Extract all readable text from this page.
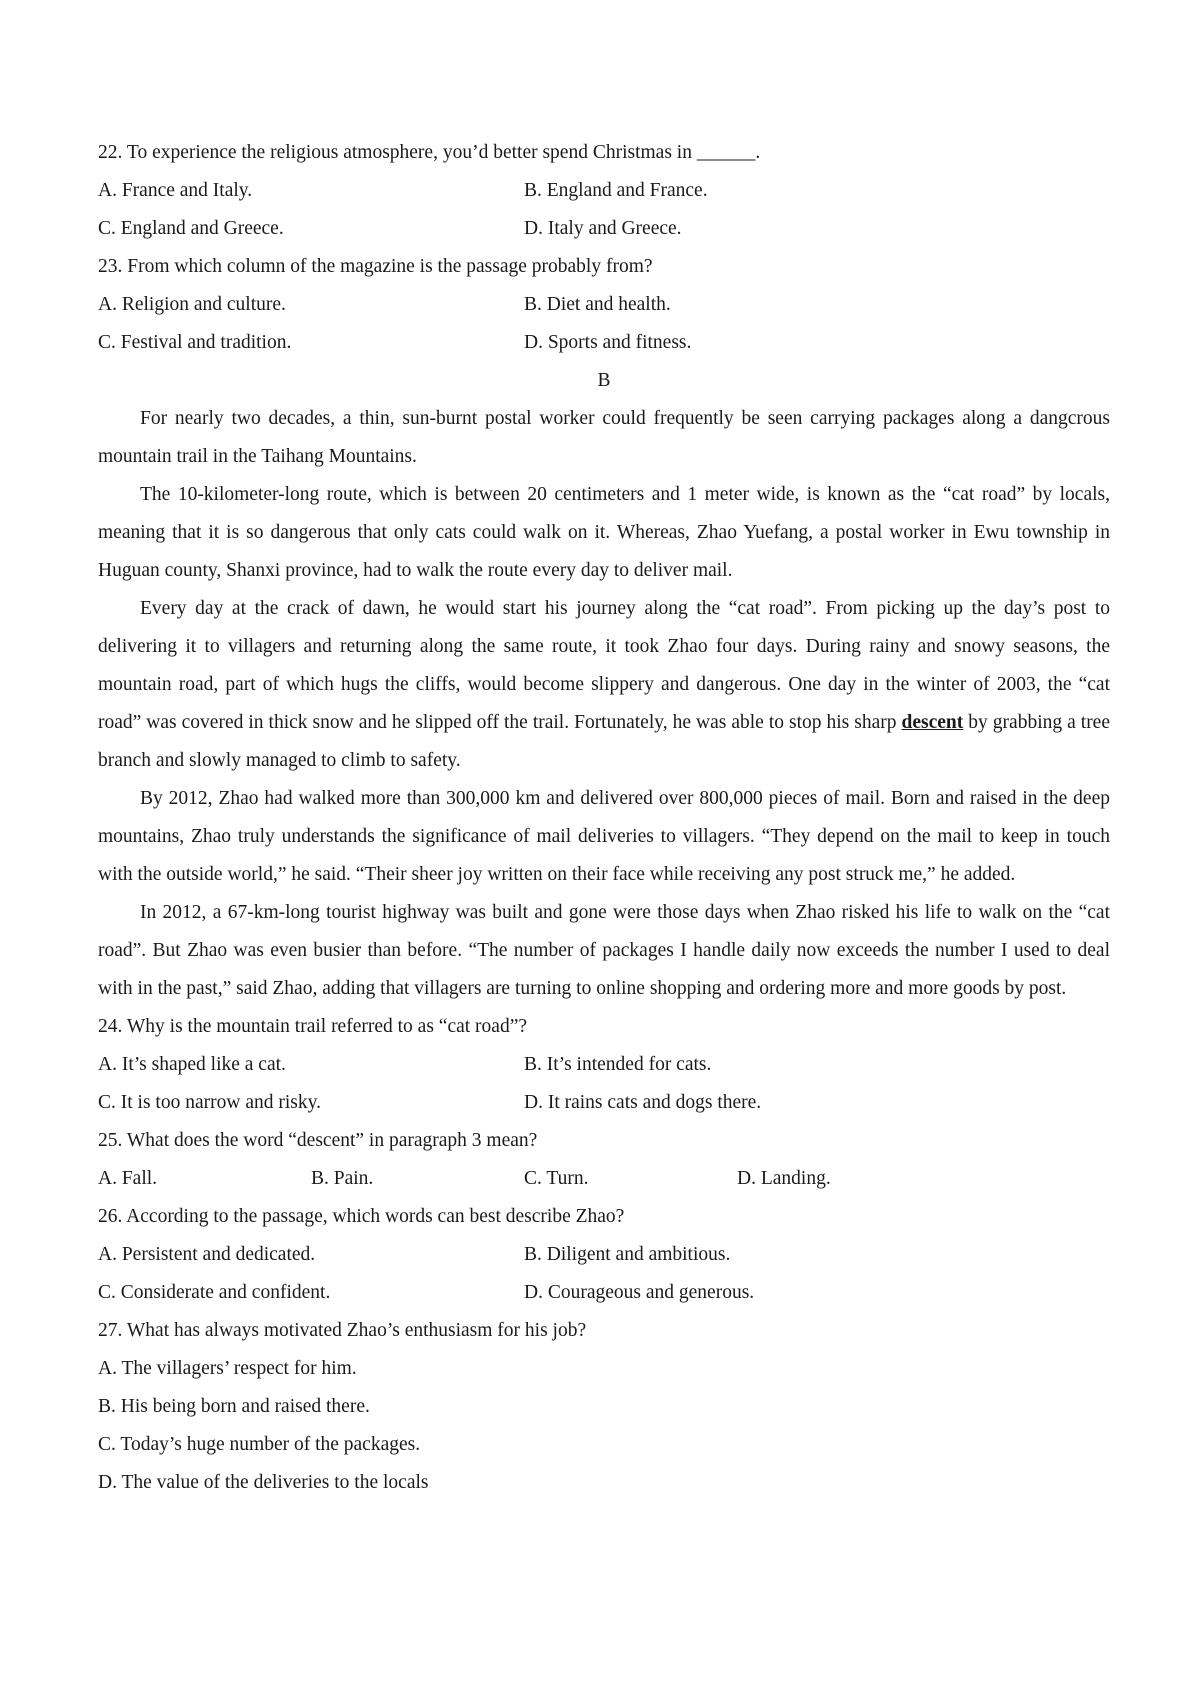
22. To experience the religious atmosphere, you’d better spend Christmas in ______.
A. France and Italy.	B. England and France.
C. England and Greece.	D. Italy and Greece.
23. From which column of the magazine is the passage probably from?
A. Religion and culture.	B. Diet and health.
C. Festival and tradition.	D. Sports and fitness.
B

For nearly two decades, a thin, sun-burnt postal worker could frequently be seen carrying packages along a dangcrous mountain trail in the Taihang Mountains.

The 10-kilometer-long route, which is between 20 centimeters and 1 meter wide, is known as the “cat road” by locals, meaning that it is so dangerous that only cats could walk on it. Whereas, Zhao Yuefang, a postal worker in Ewu township in Huguan county, Shanxi province, had to walk the route every day to deliver mail.

Every day at the crack of dawn, he would start his journey along the “cat road”. From picking up the day’s post to delivering it to villagers and returning along the same route, it took Zhao four days. During rainy and snowy seasons, the mountain road, part of which hugs the cliffs, would become slippery and dangerous. One day in the winter of 2003, the “cat road” was covered in thick snow and he slipped off the trail. Fortunately, he was able to stop his sharp descent by grabbing a tree branch and slowly managed to climb to safety.

By 2012, Zhao had walked more than 300,000 km and delivered over 800,000 pieces of mail. Born and raised in the deep mountains, Zhao truly understands the significance of mail deliveries to villagers. “They depend on the mail to keep in touch with the outside world,” he said. “Their sheer joy written on their face while receiving any post struck me,” he added.

In 2012, a 67-km-long tourist highway was built and gone were those days when Zhao risked his life to walk on the “cat road”. But Zhao was even busier than before. “The number of packages I handle daily now exceeds the number I used to deal with in the past,” said Zhao, adding that villagers are turning to online shopping and ordering more and more goods by post.

24. Why is the mountain trail referred to as “cat road”?
A. It’s shaped like a cat.	B. It’s intended for cats.
C. It is too narrow and risky.	D. It rains cats and dogs there.
25. What does the word “descent” in paragraph 3 mean?
A. Fall.	B. Pain.	C. Turn.	D. Landing.
26. According to the passage, which words can best describe Zhao?
A. Persistent and dedicated.	B. Diligent and ambitious.
C. Considerate and confident.	D. Courageous and generous.
27. What has always motivated Zhao’s enthusiasm for his job?
A. The villagers’ respect for him.
B. His being born and raised there.
C. Today’s huge number of the packages.
D. The value of the deliveries to the locals
